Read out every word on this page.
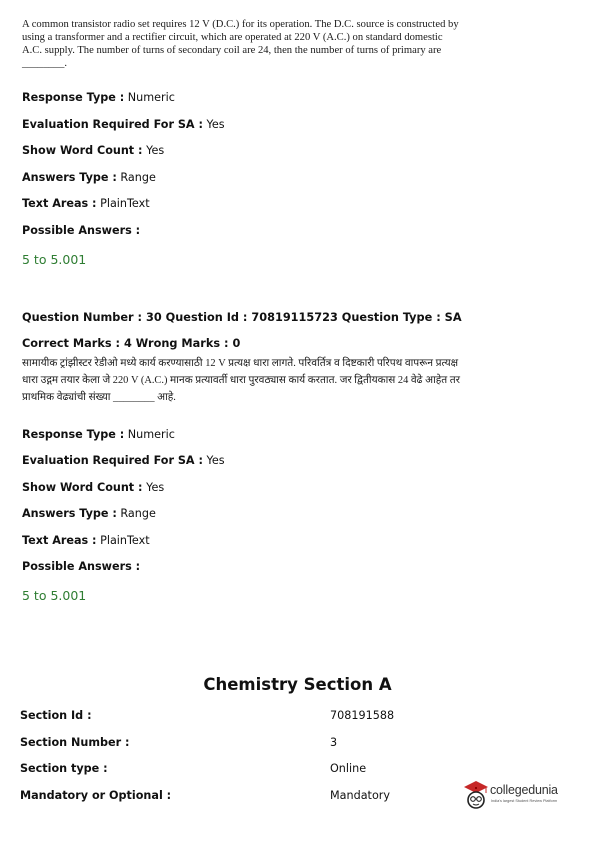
A common transistor radio set requires 12 V (D.C.) for its operation. The D.C. source is constructed by using a transformer and a rectifier circuit, which are operated at 220 V (A.C.) on standard domestic A.C. supply. The number of turns of secondary coil are 24, then the number of turns of primary are ________.
Response Type : Numeric
Evaluation Required For SA : Yes
Show Word Count : Yes
Answers Type : Range
Text Areas : PlainText
Possible Answers :
5 to 5.001
Question Number : 30 Question Id : 70819115723 Question Type : SA
Correct Marks : 4 Wrong Marks : 0
सामायीक ट्रांझीस्टर रेडीओ मध्ये कार्य करण्यासाठी 12 V प्रत्यक्ष धारा लागते. परिवर्तित्र व दिष्टकारी परिपथ वापरून प्रत्यक्ष धारा उद्गम तयार केला जे 220 V (A.C.) मानक प्रत्यावर्ती धारा पुरवठ्यास कार्य करतात. जर द्वितीयकास 24 वेढे आहेत तर प्राथमिक वेढ्यांची संख्या ________ आहे.
Response Type : Numeric
Evaluation Required For SA : Yes
Show Word Count : Yes
Answers Type : Range
Text Areas : PlainText
Possible Answers :
5 to 5.001
Chemistry Section A
Section Id :	708191588
Section Number :	3
Section type :	Online
Mandatory or Optional :	Mandatory	collegedunia
India's largest Student Review Platform
